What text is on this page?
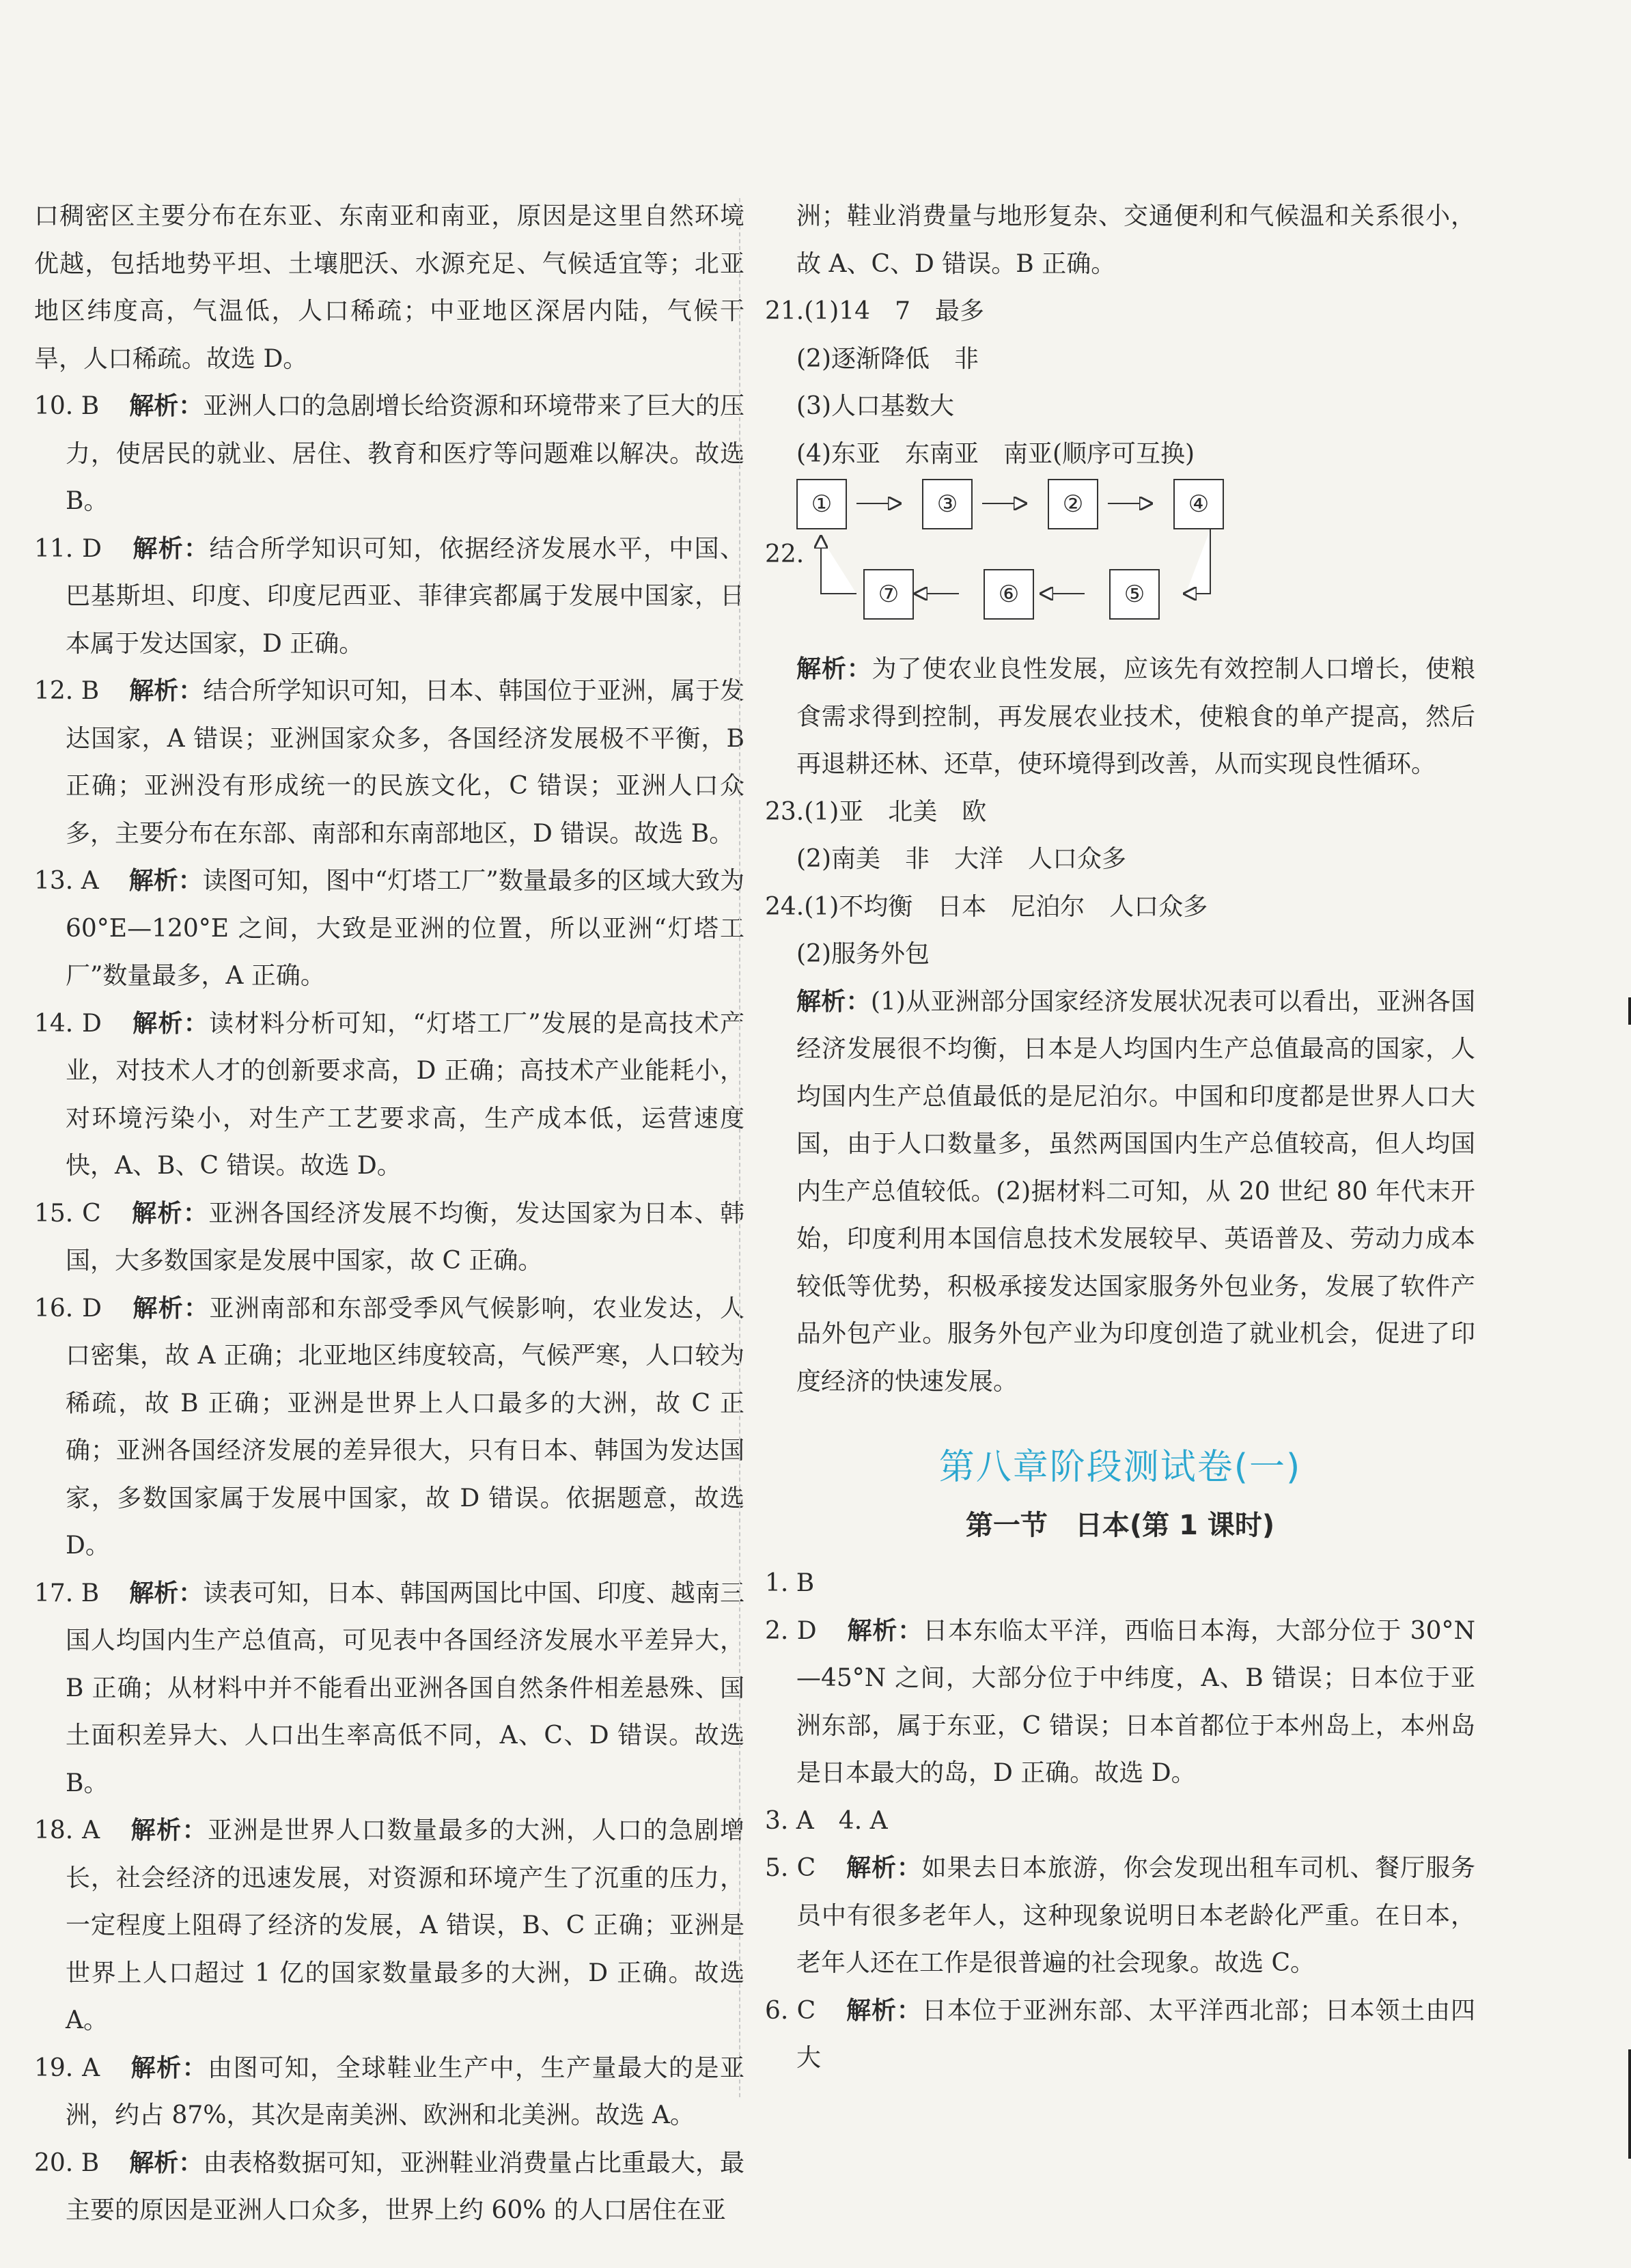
口稠密区主要分布在东亚、东南亚和南亚，原因是这里自然环境优越，包括地势平坦、土壤肥沃、水源充足、气候适宜等；北亚地区纬度高，气温低，人口稀疏；中亚地区深居内陆，气候干旱，人口稀疏。故选 D。

10. B 解析：亚洲人口的急剧增长给资源和环境带来了巨大的压力，使居民的就业、居住、教育和医疗等问题难以解决。故选 B。

11. D 解析：结合所学知识可知，依据经济发展水平，中国、巴基斯坦、印度、印度尼西亚、菲律宾都属于发展中国家，日本属于发达国家，D 正确。

12. B 解析：结合所学知识可知，日本、韩国位于亚洲，属于发达国家，A 错误；亚洲国家众多，各国经济发展极不平衡，B 正确；亚洲没有形成统一的民族文化，C 错误；亚洲人口众多，主要分布在东部、南部和东南部地区，D 错误。故选 B。

13. A 解析：读图可知，图中“灯塔工厂”数量最多的区域大致为 60°E—120°E 之间，大致是亚洲的位置，所以亚洲“灯塔工厂”数量最多，A 正确。

14. D 解析：读材料分析可知，“灯塔工厂”发展的是高技术产业，对技术人才的创新要求高，D 正确；高技术产业能耗小，对环境污染小，对生产工艺要求高，生产成本低，运营速度快，A、B、C 错误。故选 D。

15. C 解析：亚洲各国经济发展不均衡，发达国家为日本、韩国，大多数国家是发展中国家，故 C 正确。

16. D 解析：亚洲南部和东部受季风气候影响，农业发达，人口密集，故 A 正确；北亚地区纬度较高，气候严寒，人口较为稀疏，故 B 正确；亚洲是世界上人口最多的大洲，故 C 正确；亚洲各国经济发展的差异很大，只有日本、韩国为发达国家，多数国家属于发展中国家，故 D 错误。依据题意，故选 D。

17. B 解析：读表可知，日本、韩国两国比中国、印度、越南三国人均国内生产总值高，可见表中各国经济发展水平差异大，B 正确；从材料中并不能看出亚洲各国自然条件相差悬殊、国土面积差异大、人口出生率高低不同，A、C、D 错误。故选 B。

18. A 解析：亚洲是世界人口数量最多的大洲，人口的急剧增长，社会经济的迅速发展，对资源和环境产生了沉重的压力，一定程度上阻碍了经济的发展，A 错误，B、C 正确；亚洲是世界上人口超过 1 亿的国家数量最多的大洲，D 正确。故选 A。

19. A 解析：由图可知，全球鞋业生产中，生产量最大的是亚洲，约占 87%，其次是南美洲、欧洲和北美洲。故选 A。

20. B 解析：由表格数据可知，亚洲鞋业消费量占比重最大，最主要的原因是亚洲人口众多，世界上约 60% 的人口居住在亚

洲；鞋业消费量与地形复杂、交通便利和气候温和关系很小，故 A、C、D 错误。B 正确。

21.(1)14　7　最多

(2)逐渐降低　非

(3)人口基数大

(4)东亚　东南亚　南亚(顺序可互换)

22.
①	③	②	④
⑦	⑥	⑤

解析：为了使农业良性发展，应该先有效控制人口增长，使粮食需求得到控制，再发展农业技术，使粮食的单产提高，然后再退耕还林、还草，使环境得到改善，从而实现良性循环。

23.(1)亚　北美　欧

(2)南美　非　大洋　人口众多

24.(1)不均衡　日本　尼泊尔　人口众多

(2)服务外包

解析：(1)从亚洲部分国家经济发展状况表可以看出，亚洲各国经济发展很不均衡，日本是人均国内生产总值最高的国家，人均国内生产总值最低的是尼泊尔。中国和印度都是世界人口大国，由于人口数量多，虽然两国国内生产总值较高，但人均国内生产总值较低。(2)据材料二可知，从 20 世纪 80 年代末开始，印度利用本国信息技术发展较早、英语普及、劳动力成本较低等优势，积极承接发达国家服务外包业务，发展了软件产品外包产业。服务外包产业为印度创造了就业机会，促进了印度经济的快速发展。

第八章阶段测试卷(一)
第一节　日本(第 1 课时)

1. B

2. D 解析：日本东临太平洋，西临日本海，大部分位于 30°N—45°N 之间，大部分位于中纬度，A、B 错误；日本位于亚洲东部，属于东亚，C 错误；日本首都位于本州岛上，本州岛是日本最大的岛，D 正确。故选 D。

3. A　4. A

5. C 解析：如果去日本旅游，你会发现出租车司机、餐厅服务员中有很多老年人，这种现象说明日本老龄化严重。在日本，老年人还在工作是很普遍的社会现象。故选 C。

6. C 解析：日本位于亚洲东部、太平洋西北部；日本领土由四大
